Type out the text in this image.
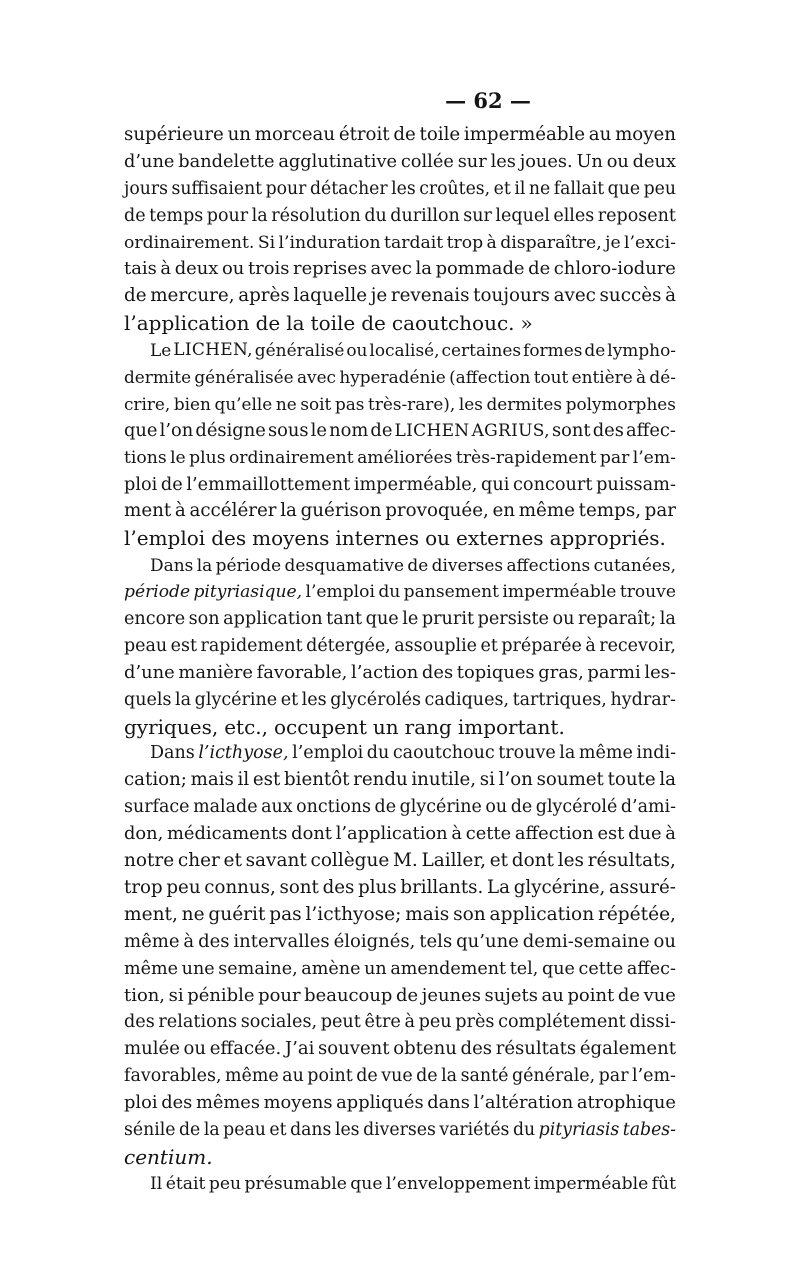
— 62 —
supérieure un morceau étroit de toile imperméable au moyen
d’une bandelette agglutinative collée sur les joues. Un ou deux
jours suffisaient pour détacher les croûtes, et il ne fallait que peu
de temps pour la résolution du durillon sur lequel elles reposent
ordinairement. Si l’induration tardait trop à disparaître, je l’exci-
tais à deux ou trois reprises avec la pommade de chloro-iodure
de mercure, après laquelle je revenais toujours avec succès à
l’application de la toile de caoutchouc. »
Le LICHEN, généralisé ou localisé, certaines formes de lympho-
dermite généralisée avec hyperadénie (affection tout entière à dé-
crire, bien qu’elle ne soit pas très-rare), les dermites polymorphes
que l’on désigne sous le nom de LICHEN AGRIUS, sont des affec-
tions le plus ordinairement améliorées très-rapidement par l’em-
ploi de l’emmaillottement imperméable, qui concourt puissam-
ment à accélérer la guérison provoquée, en même temps, par
l’emploi des moyens internes ou externes appropriés.
Dans la période desquamative de diverses affections cutanées,
période pityriasique, l’emploi du pansement imperméable trouve
encore son application tant que le prurit persiste ou reparaît; la
peau est rapidement détergée, assouplie et préparée à recevoir,
d’une manière favorable, l’action des topiques gras, parmi les-
quels la glycérine et les glycérolés cadiques, tartriques, hydrar-
gyriques, etc., occupent un rang important.
Dans l’icthyose, l’emploi du caoutchouc trouve la même indi-
cation; mais il est bientôt rendu inutile, si l’on soumet toute la
surface malade aux onctions de glycérine ou de glycérolé d’ami-
don, médicaments dont l’application à cette affection est due à
notre cher et savant collègue M. Lailler, et dont les résultats,
trop peu connus, sont des plus brillants. La glycérine, assuré-
ment, ne guérit pas l’icthyose; mais son application répétée,
même à des intervalles éloignés, tels qu’une demi-semaine ou
même une semaine, amène un amendement tel, que cette affec-
tion, si pénible pour beaucoup de jeunes sujets au point de vue
des relations sociales, peut être à peu près complétement dissi-
mulée ou effacée. J’ai souvent obtenu des résultats également
favorables, même au point de vue de la santé générale, par l’em-
ploi des mêmes moyens appliqués dans l’altération atrophique
sénile de la peau et dans les diverses variétés du pityriasis tabes-
centium.
Il était peu présumable que l’enveloppement imperméable fût
